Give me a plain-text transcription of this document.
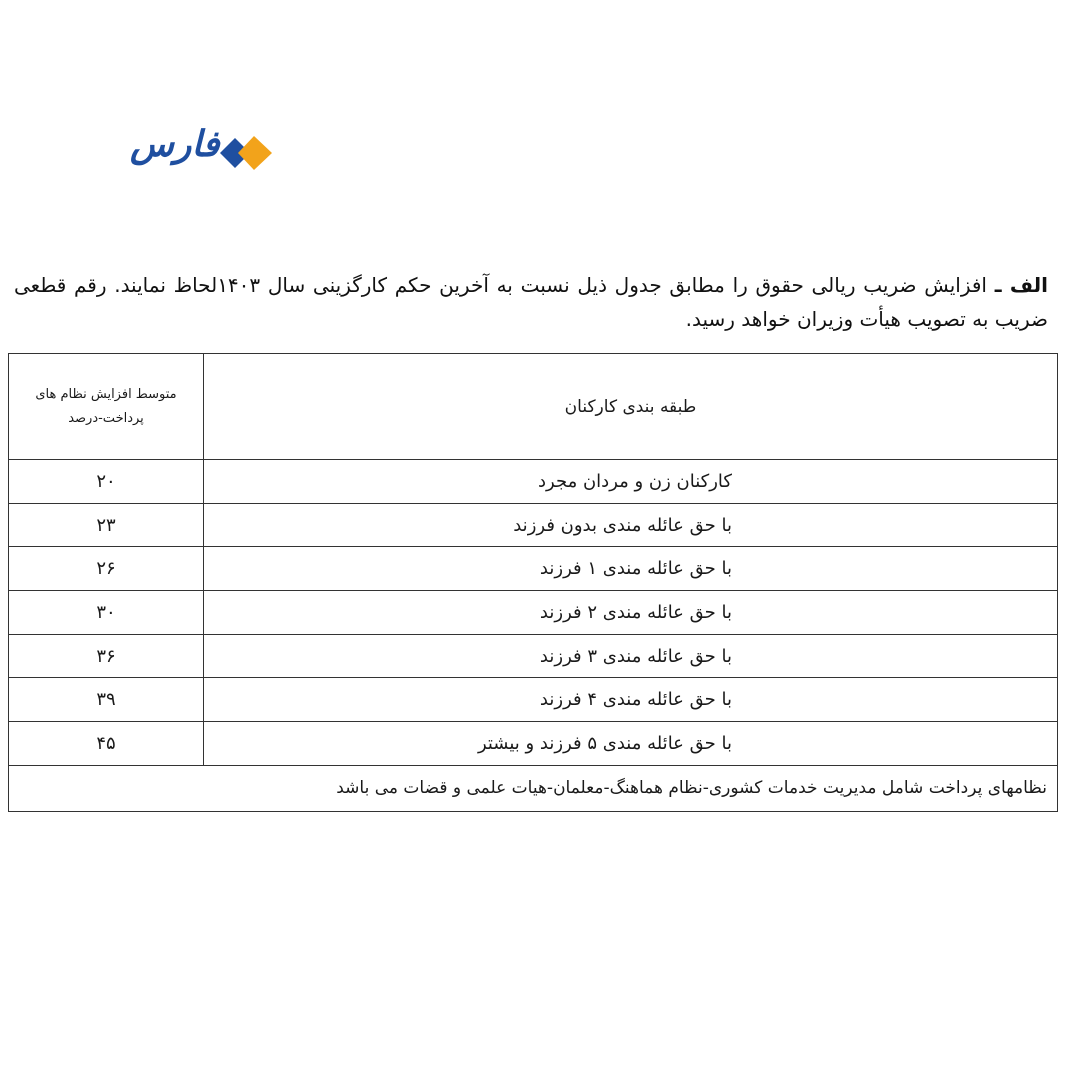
فارس
الف ـ افزایش ضریب ریالی حقوق را مطابق جدول ذیل نسبت به آخرین حکم کارگزینی سال ۱۴۰۳لحاظ نمایند. رقم قطعی ضریب به تصویب هیأت وزیران خواهد رسید.
طبقه بندی کارکنان	متوسط افزایش نظام های
پرداخت-درصد

کارکنان زن و مردان مجرد	۲۰
با حق عائله مندی بدون فرزند	۲۳
با حق عائله مندی ۱ فرزند	۲۶
با حق عائله مندی ۲ فرزند	۳۰
با حق عائله مندی ۳ فرزند	۳۶
با حق عائله مندی ۴ فرزند	۳۹
با حق عائله مندی ۵ فرزند و بیشتر	۴۵
نظامهای پرداخت شامل مدیریت خدمات کشوری-نظام هماهنگ-معلمان-هیات علمی و قضات می باشد	
